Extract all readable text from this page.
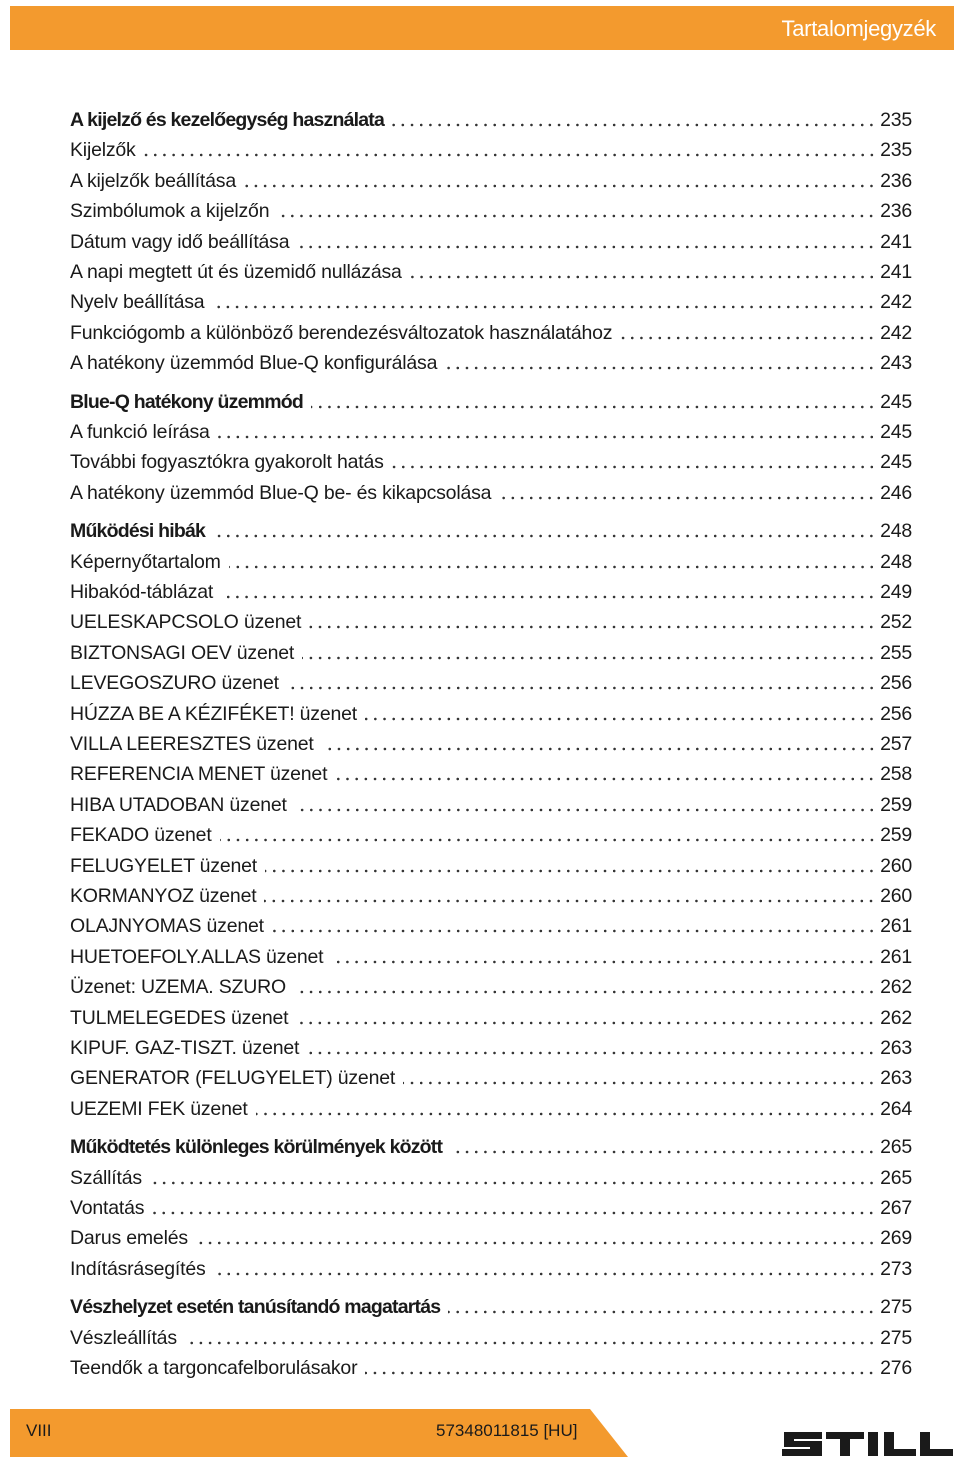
Tartalomjegyzék
A kijelző és kezelőegység használata	235
Kijelzők	235
A kijelzők beállítása	236
Szimbólumok a kijelzőn	236
Dátum vagy idő beállítása	241
A napi megtett út és üzemidő nullázása	241
Nyelv beállítása	242
Funkciógomb a különböző berendezésváltozatok használatához	242
A hatékony üzemmód Blue-Q konfigurálása	243
Blue-Q hatékony üzemmód	245
A funkció leírása	245
További fogyasztókra gyakorolt hatás	245
A hatékony üzemmód Blue-Q be- és kikapcsolása	246
Működési hibák	248
Képernyőtartalom	248
Hibakód-táblázat	249
UELESKAPCSOLO üzenet	252
BIZTONSAGI OEV üzenet	255
LEVEGOSZURO üzenet	256
HÚZZA BE A KÉZIFÉKET! üzenet	256
VILLA LEERESZTES üzenet	257
REFERENCIA MENET üzenet	258
HIBA UTADOBAN üzenet	259
FEKADO üzenet	259
FELUGYELET üzenet	260
KORMANYOZ üzenet	260
OLAJNYOMAS üzenet	261
HUETOEFOLY.ALLAS üzenet	261
Üzenet: UZEMA. SZURO	262
TULMELEGEDES üzenet	262
KIPUF. GAZ-TISZT. üzenet	263
GENERATOR (FELUGYELET) üzenet	263
UEZEMI FEK üzenet	264
Működtetés különleges körülmények között	265
Szállítás	265
Vontatás	267
Darus emelés	269
Indításrásegítés	273
Vészhelyzet esetén tanúsítandó magatartás	275
Vészleállítás	275
Teendők a targoncafelborulásakor	276
VIII	57348011815 [HU]
